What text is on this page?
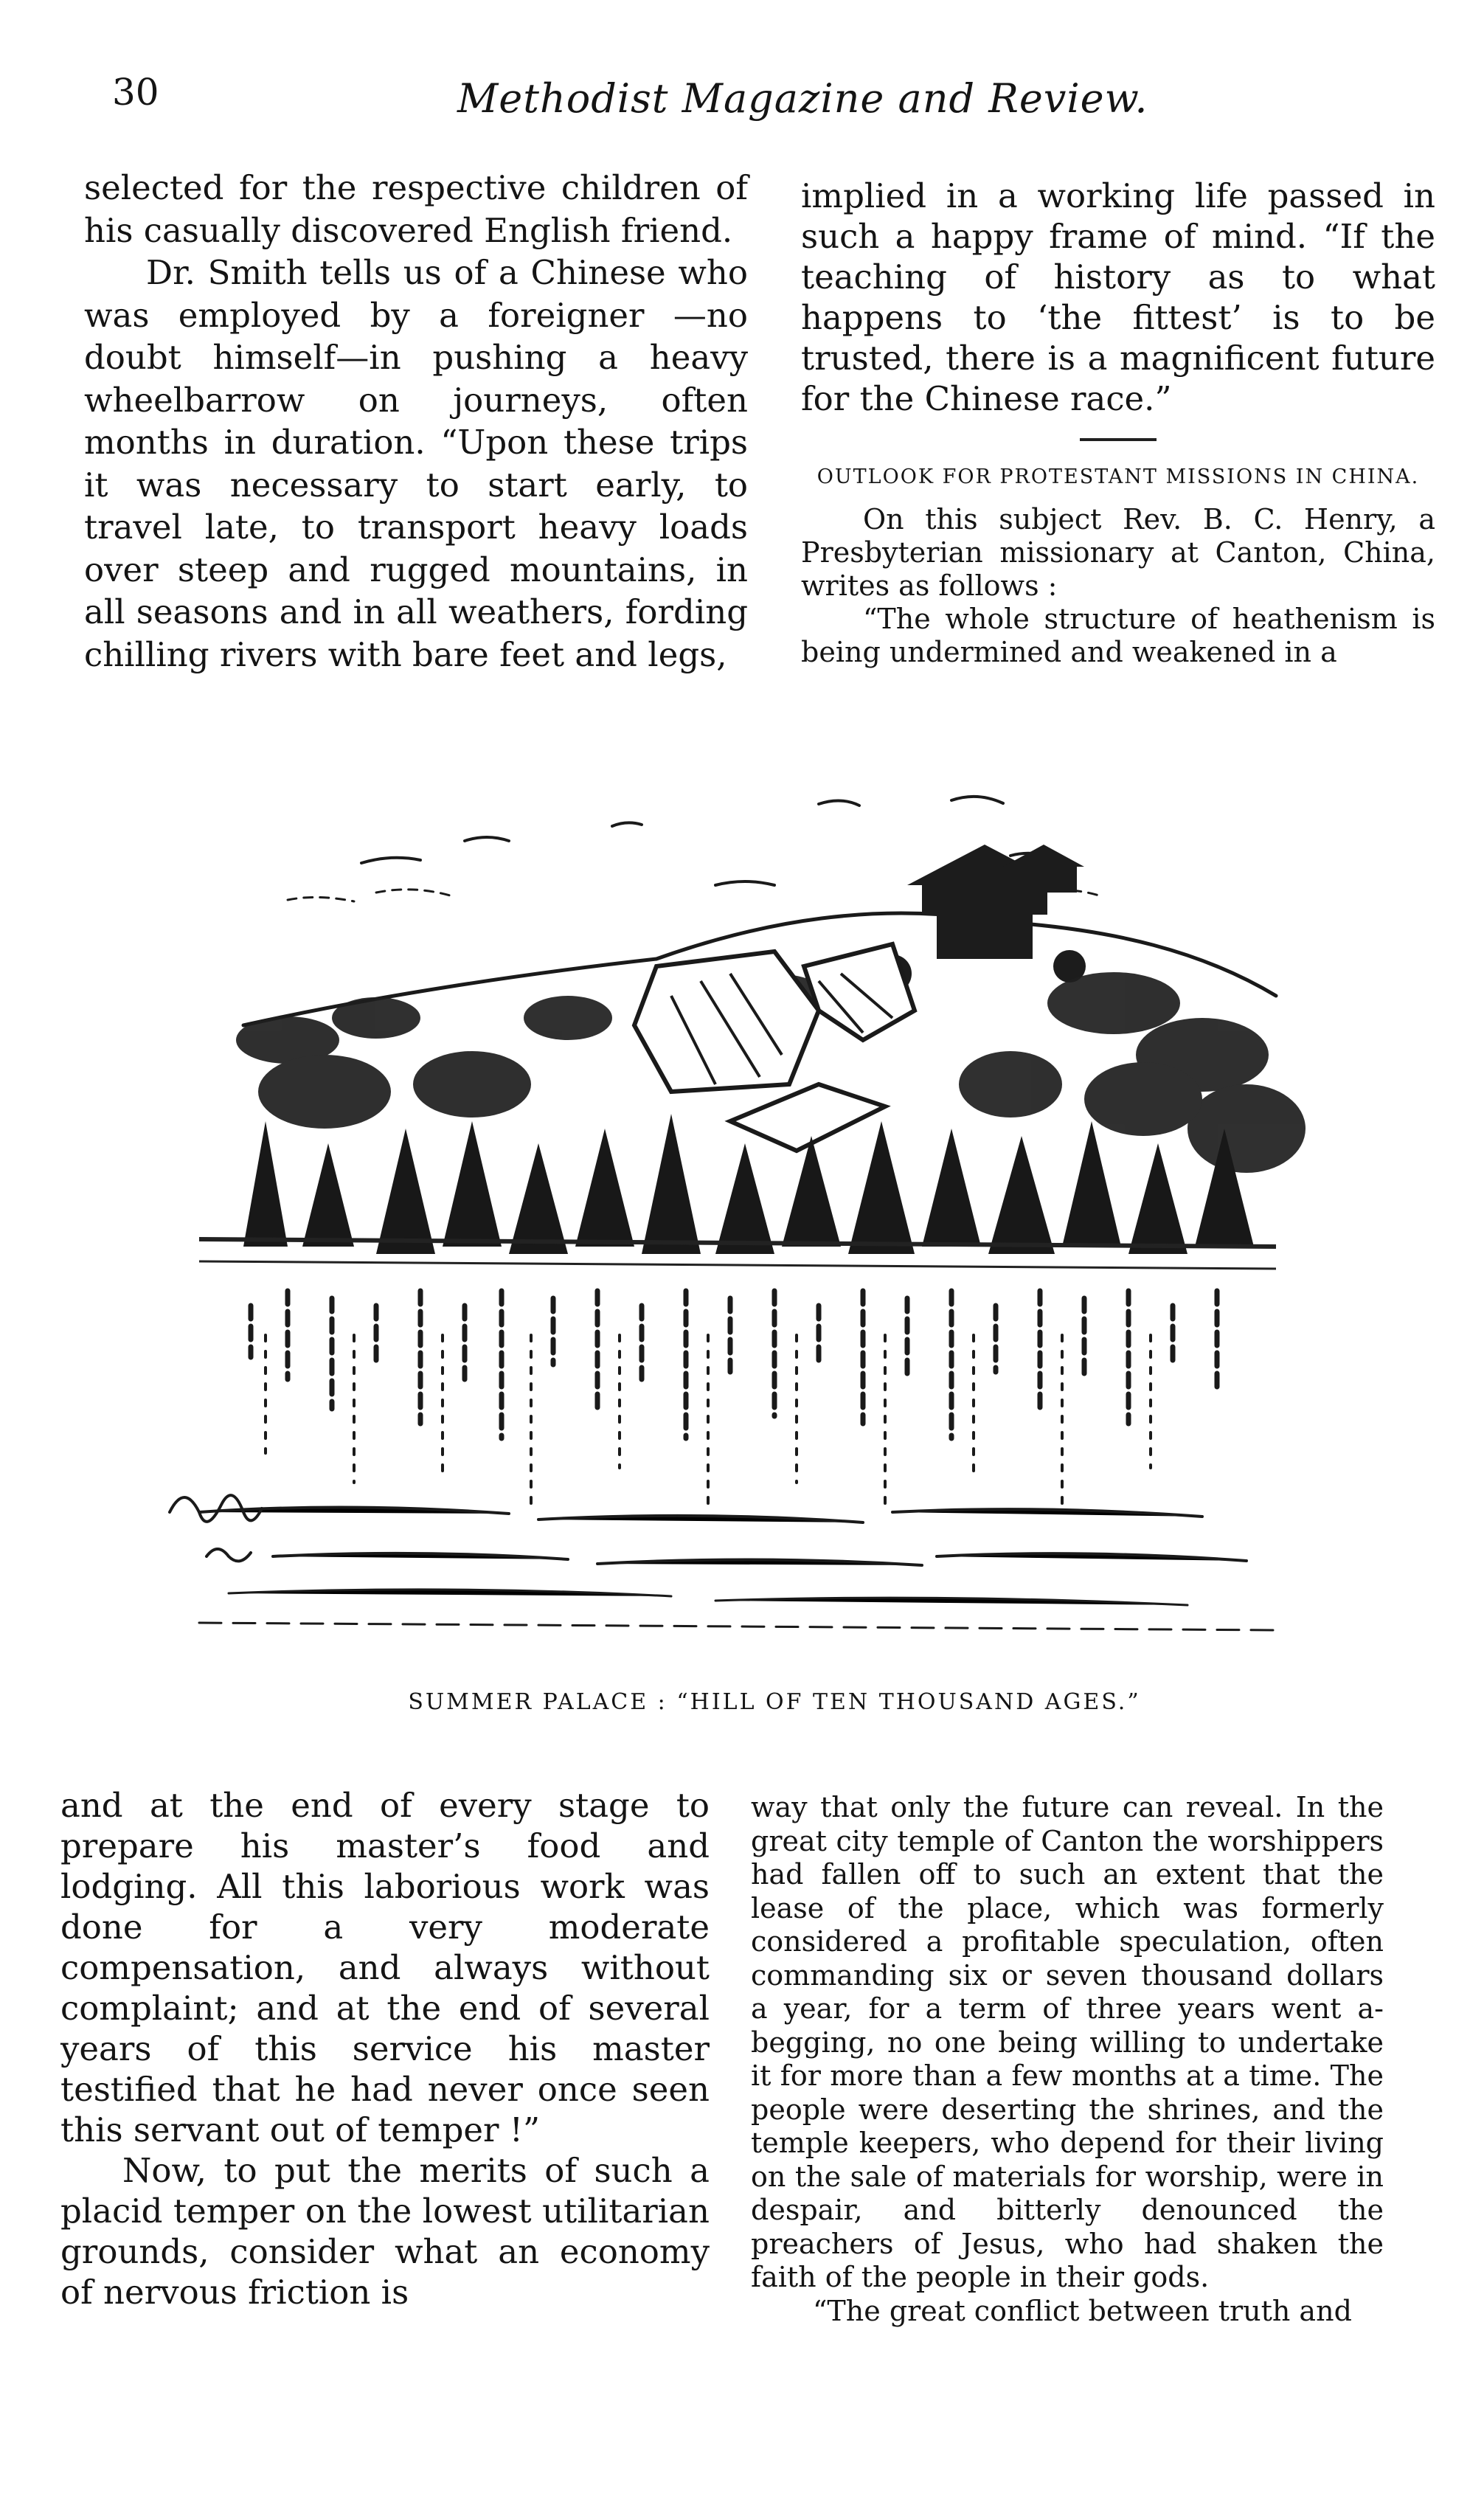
30	Methodist Magazine and Review.

selected for the respective children of his casually discovered English friend.

Dr. Smith tells us of a Chinese who was employed by a foreigner —no doubt himself—in pushing a heavy wheelbarrow on journeys, often months in duration. “Upon these trips it was necessary to start early, to travel late, to transport heavy loads over steep and rugged mountains, in all seasons and in all weathers, fording chilling rivers with bare feet and legs,

implied in a working life passed in such a happy frame of mind. “If the teaching of history as to what happens to ‘the fittest’ is to be trusted, there is a magnificent future for the Chinese race.”

OUTLOOK FOR PROTESTANT MISSIONS IN CHINA.

On this subject Rev. B. C. Henry, a Presbyterian missionary at Canton, China, writes as follows :

“The whole structure of heathenism is being undermined and weakened in a

SUMMER PALACE : “HILL OF TEN THOUSAND AGES.”

and at the end of every stage to prepare his master’s food and lodging. All this laborious work was done for a very moderate compensation, and always without complaint; and at the end of several years of this service his master testified that he had never once seen this servant out of temper !”

Now, to put the merits of such a placid temper on the lowest utilitarian grounds, consider what an economy of nervous friction is

way that only the future can reveal. In the great city temple of Canton the worshippers had fallen off to such an extent that the lease of the place, which was formerly considered a profitable speculation, often commanding six or seven thousand dollars a year, for a term of three years went a-begging, no one being willing to undertake it for more than a few months at a time. The people were deserting the shrines, and the temple keepers, who depend for their living on the sale of materials for worship, were in despair, and bitterly denounced the preachers of Jesus, who had shaken the faith of the people in their gods.

“The great conflict between truth and
